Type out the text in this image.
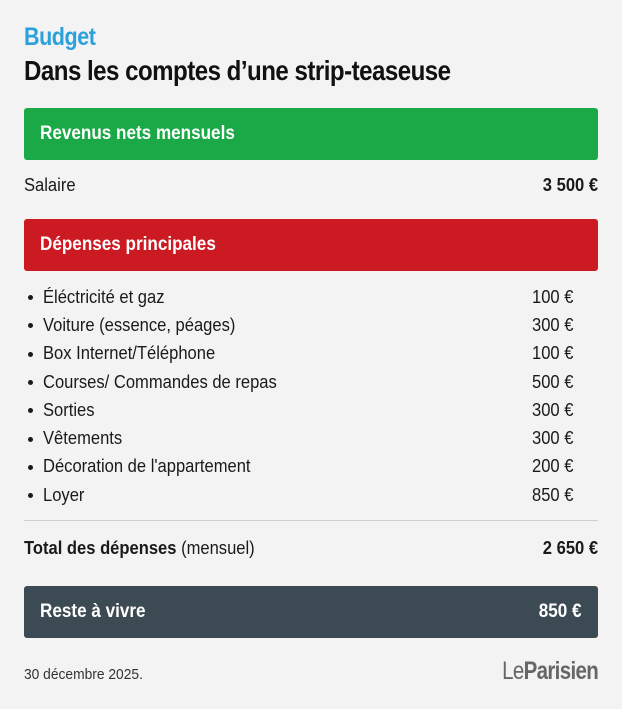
Budget
Dans les comptes d’une strip-teaseuse
Revenus nets mensuels
Salaire	3 500 €
Dépenses principales
Éléctricité et gaz	100 €
Voiture (essence, péages)	300 €
Box Internet/Téléphone	100 €
Courses/ Commandes de repas	500 €
Sorties	300 €
Vêtements	300 €
Décoration de l'appartement	200 €
Loyer	850 €
Total des dépenses (mensuel)	2 650 €
Reste à vivre	850 €
30 décembre 2025.	LeParisien
